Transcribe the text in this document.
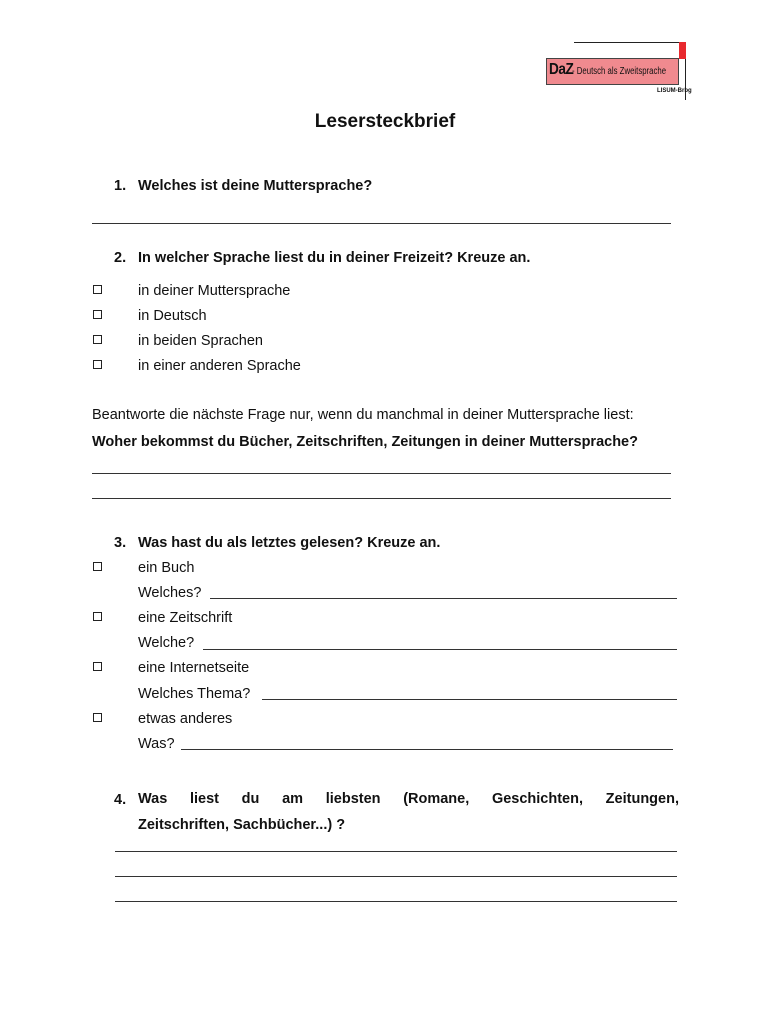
DaZ
- Deutsch als Zweitsprache
LISUM-Brbg
Lesersteckbrief
1. Welches ist deine Muttersprache?
2. In welcher Sprache liest du in deiner Freizeit? Kreuze an.
in deiner Muttersprache
in Deutsch
in beiden Sprachen
in einer anderen Sprache
Beantworte die nächste Frage nur, wenn du manchmal in deiner Muttersprache liest:
Woher bekommst du Bücher, Zeitschriften, Zeitungen in deiner Muttersprache?
3. Was hast du als letztes gelesen? Kreuze an.
ein Buch
Welches?
eine Zeitschrift
Welche?
eine Internetseite
Welches Thema?
etwas anderes
Was?
4. Was liest du am liebsten (Romane, Geschichten, Zeitungen,
Zeitschriften, Sachbücher...) ?
